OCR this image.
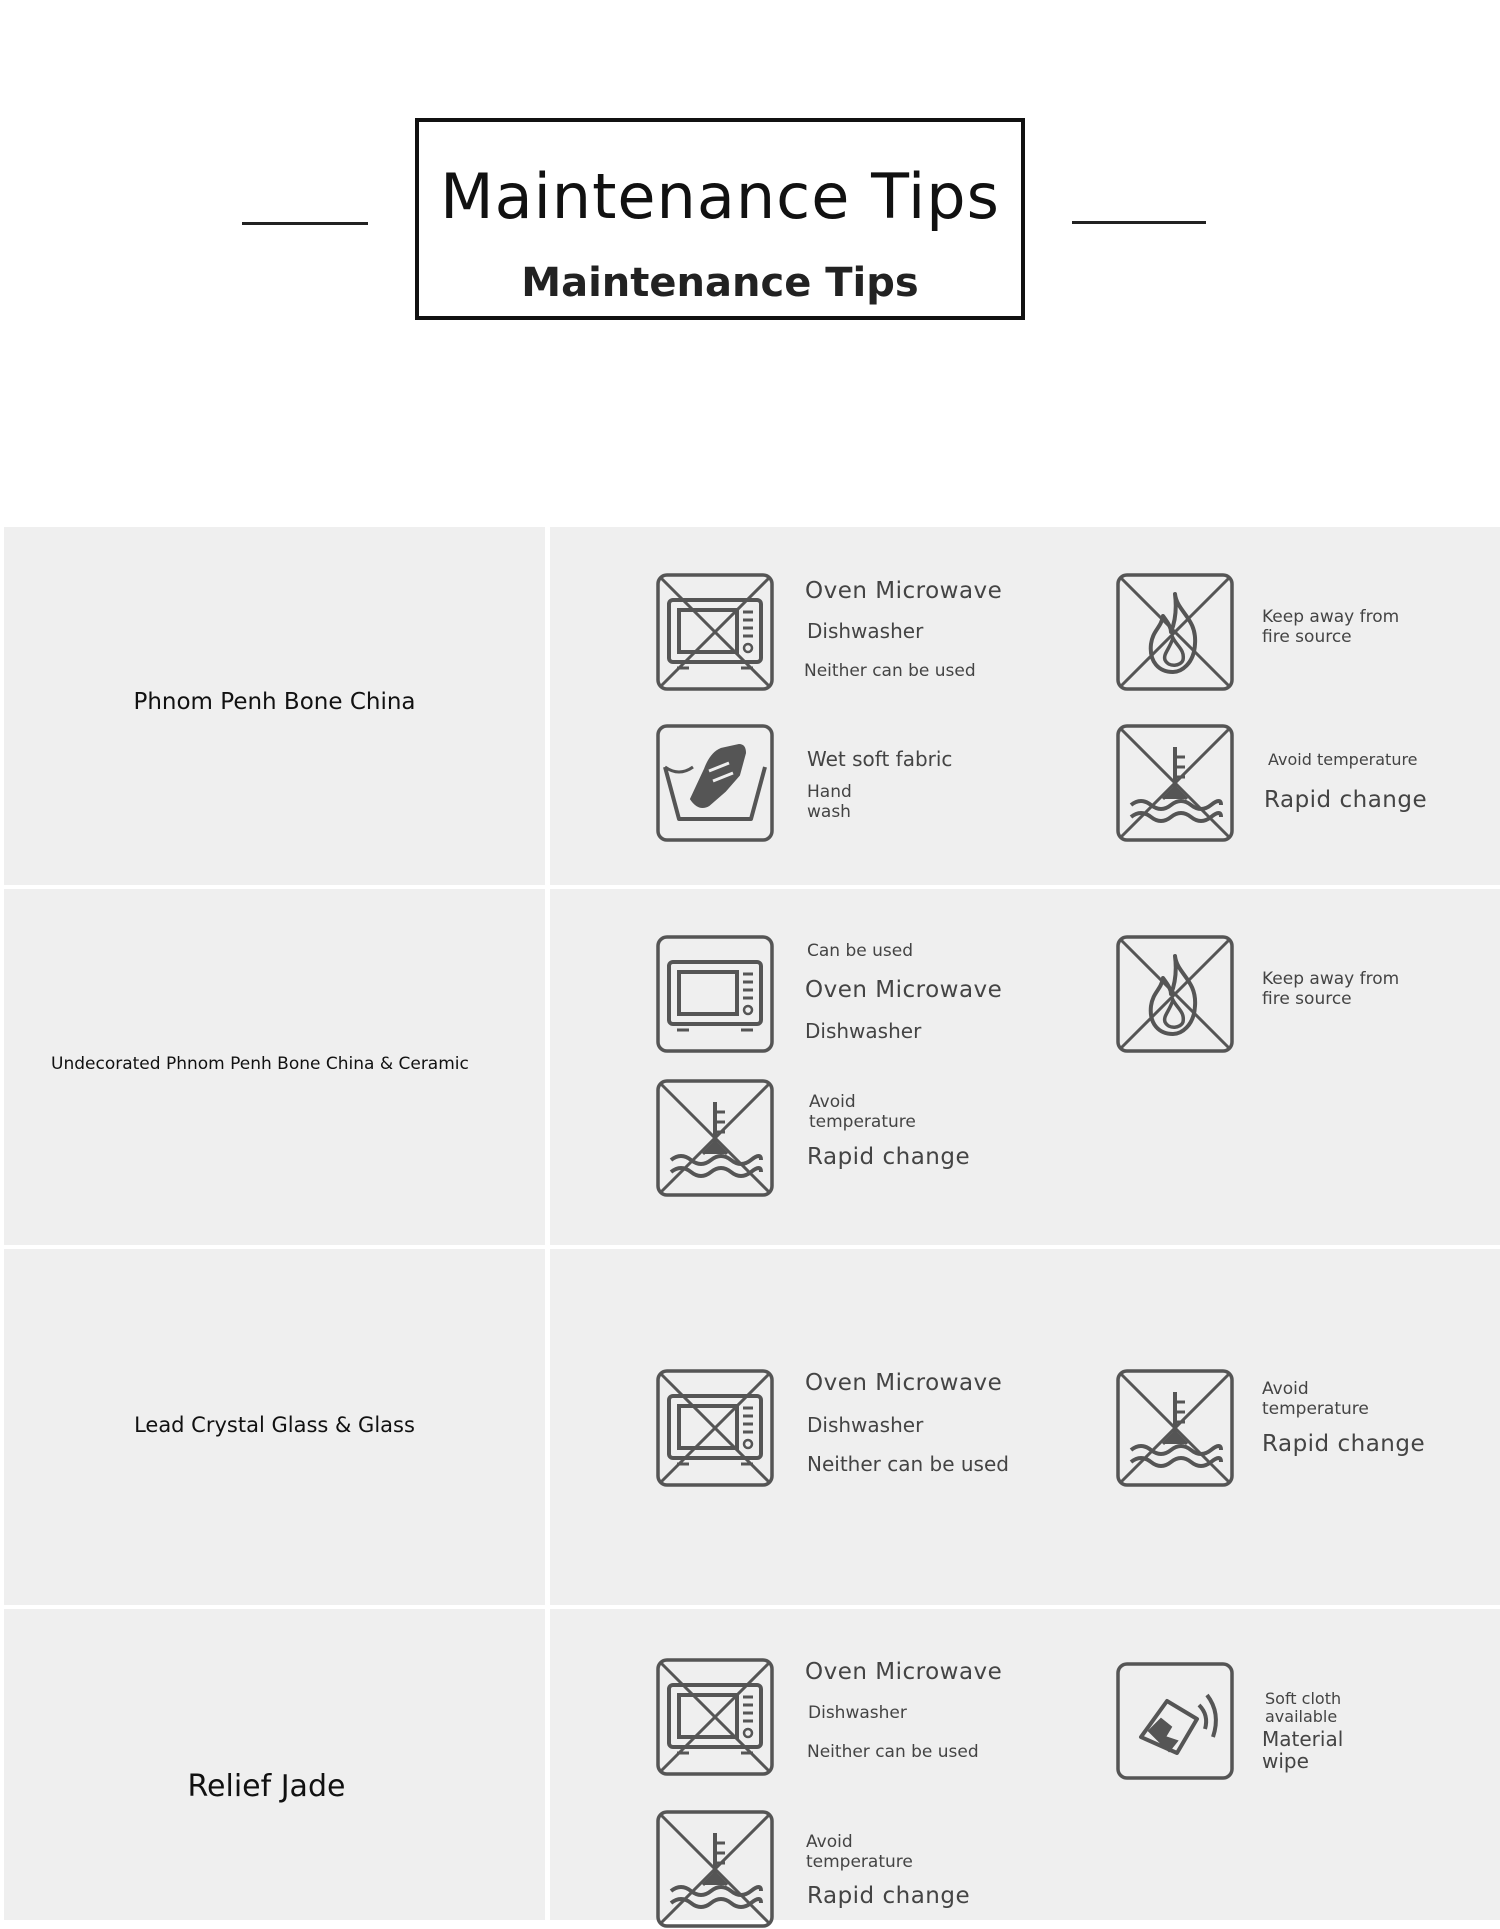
Maintenance Tips
Maintenance Tips
Phnom Penh Bone China
Oven Microwave
Dishwasher
Neither can be used
Keep away from
fire source
Wet soft fabric
Hand
wash
Avoid temperature
Rapid change
Undecorated Phnom Penh Bone China & Ceramic
Can be used
Oven Microwave
Dishwasher
Keep away from
fire source
Avoid
temperature
Rapid change
Lead Crystal Glass & Glass
Oven Microwave
Dishwasher
Neither can be used
Avoid
temperature
Rapid change
Relief Jade
Oven Microwave
Dishwasher
Neither can be used
Soft cloth
available
Material
wipe
Avoid
temperature
Rapid change
